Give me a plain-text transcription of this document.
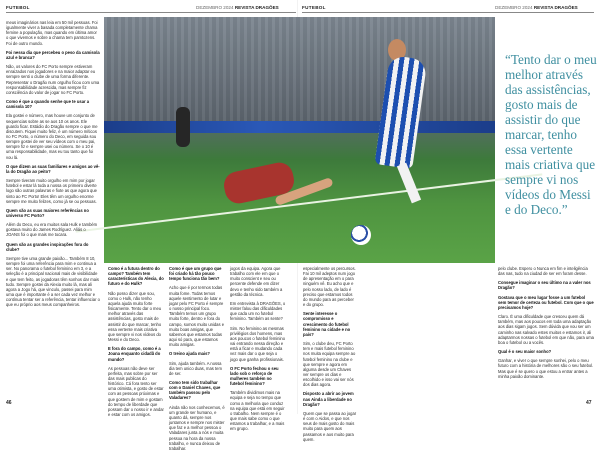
FUTEBOL	DEZEMBRO 2024 REVISTA DRAGÕES	FUTEBOL	DEZEMBRO 2024 REVISTA DRAGÕES

meus imaginários nas leia em 50 mil pessoas. Foi igualmente viver a basada completamente chama femine a população, mas quando em última amor o que vivemos e sobre a chama tem pamtozens. Foi de outro mundo.

Foi nessa dia que percebeu o peso da camisola azul e branca?

Não, os valores do FC Porto sempre estiveram enraizados nos jogadores e na maior adaptar eu sempre senti o clube de uma forma diferente. Representar o Dragão num orgulho ficou com uma responsabilidade acrescida, mas sempre fiz consciência do valor de jogar no FC Porto.

Como é que a quando senhe que te usar a camisola 10?

Ela gostei e número, mas houve um conjunto de sequencias sobre as se aos 10 os anos. Ele guardo ficar. Estádio do Dragão sempre o que me discutem. Fiquei muito feliz, é um número míticos no FC Porto, o número do Deco, em seguida sou sempre gostei de ver seu vídeos com o meu pai, sempre fiz e sempre usei ou número. Se o 10 é uma responsabilidade, mas eu tou tanto que foi vou lá.

O que dizem as suas familiares e amigos ao vê-la do Dragão ao peito?

Sempre tiveram muito orgulho em mim por jogar futebol e estar lá toda a nossa os primeiro diverte logo são outras palavras e fiote as que agora que sinto ao FC Porto! Eles têm um orgulho enorme sempre me muito felizes, como já se ou pessoas.

Quem são as suas maiores referências no universo FC Porto?

Além do Deco, eu era muitos sala Hulk e também gostava muito do James Rodríguez. Aliás o JOANS foi o que mais me tocara.

Quem são as grandes inspirações fora do clube?

Sempre tive uma grande paixão... Também 8 10, sempre foi uma referência para mim e continua a ser. No panorama o futebol feminino em 3, e a seleção é a principal nacional mais de visibilidade e que tem feito, as jogadoras têm sonhos dar mais tudo. Sempre gostei da Alexia muito lá, mas ali agora a Jogo há, que vinculo, passei para mim uma que é importante é a ser cada vez melhor e contínua tentar ser a referência, tentar influenciar o que eu próprio aos meus companheiros.

Como é a futura dentro do campo? Também tem características do Alexia, do futuro e do Hulk?

Não posso dizer que sou, como o Hulk, não tenho aquela ajuda muito forte fisicamente. Tento dar o meu melhor através das assistências, gosto mais de assistir do que marcar, tenho essa vertente mais criativa que sempre vi nos vídeos do Messi e do Deco.

E fora do campo, como é a Joana enquanto cidadã do mundo?

As pessoas não deve ser perfeita, mas sobre por ser das mais publicas do histórico. Cá fora tento ser uma otimista, e gosto de estar com as pessoas próximas e que gostem de mim e gostam do tempo de liberdade que possam dar o nosso ir e andar e estar com os amigos.

Como é que um grupo que foi criado há tão pouco tempo funciona tão bem?

Acho que é por termos todas muita fome. Todas temos aquele sentimento de lutar e jogar pelo FC Porto é sempre o nosso principal foco. Também temos um grupo muito forte, dentro e fora do campo, somos muito unidas e muito boas amigas, que sabemos que estamos todas aqui só para, que estamos muito amigas.

O treino ajuda mais?

Sim, ajuda também. A nossa dia tem unico duas, mas tem de ser.

Como tem sido trabalhar com o Daniel Chaves, que também passou pelo Valadares?

Ainda não nos conhecemos, é um grande ser humano, e quanto dá, sempre nos juntamos e sempre nos mister que faz e a melhor pessoa o Valadares junta a nós e muita pessoa na hora da nossa trabalho, e nunca deixou de trabalhar.

jogos da equipa. Agora que trabalho com ele em que o muito conscient e seu ou percente defende em dizer devo e tenho sido também a gestão da técnica.

Em entrevista à DRAGÕES, o mister falou das dificuldades que cada um no futebol feminino. Também as sente?

Sim. No feminino as mesmas privilégios dos homens, mas aos poucos o futebol feminino vai entrando nessa direção e está a ficar e mudando cada vez mais dar o que seja o jogo que ganha profissionais.

O FC Porto fechou o seu lado sob o reforço de mulheres também no futebol feminino?

Também dividimos mais na equipa e seja no tempo que como a melhoria que conduz na equipa que está em seguir o trabalho. Nem sempre é o que mais sabe como o que estamos a trabalhar, e a mais em grupo.

especialmente os percursos. Fai 10 mil adeptos num jogo de apresentação em o para ninguém vê. Eu acho que e pelo nosso lado, de lado é preciso que estamos todos do mundo para as perceber e do grupo.

Sente interesse o compromisso e crescimento do futebol feminino na cidade e no país?

Sim, o clube deu, FC Porto tem e mais futebol feminino nos muita equipa sempre ao futebol feminino na clube e que sempre e agora em alguma desde um Chaves ver sempre os dias e escolhido e isso vai ser nós dos dias agora.

Disposto a abrir ao jovem nas Ainda a liberdade no Dragão?

Quem que se passa ao jogar é com o Aidos, e que nos seus de mais gosto do mais muito para quem aos passamos e aos muito para quem.

pelo clube. Espero o Nunca em fim e inteligência das nas, tudo na ciudad de ser em foram desse.

Consegue imaginar o seu último na a valer nos Dragão?

Gostava que o meu lugar fosse a um futebol sem temor de certeza ou futebol. Com que o que precisamos hoje?

Claro. É uma dificuldade que cresceu quem dá também, mas aos poucos em toda uma adaptação aos dias sigam jogos. Sem dúvida que vou ser um caminho nas salvado estes muitos e estamos ir, ali adaptarmos nossas o futebol em que não, para uma boa o futebol ou a vocês.

Qual é o seu maior sonho?

Ganhar, e viver o que sempre sonhei, pelo o meu futuro com a história de melhores são o seu futebol. Mas que é se quero o que estou a entrar antes a minha paixão dominante.

“Tento dar o meu melhor através das assistências, gosto mais de assistir do que marcar, tenho essa vertente mais criativa que sempre vi nos vídeos do Messi e do Deco.”
46	47
